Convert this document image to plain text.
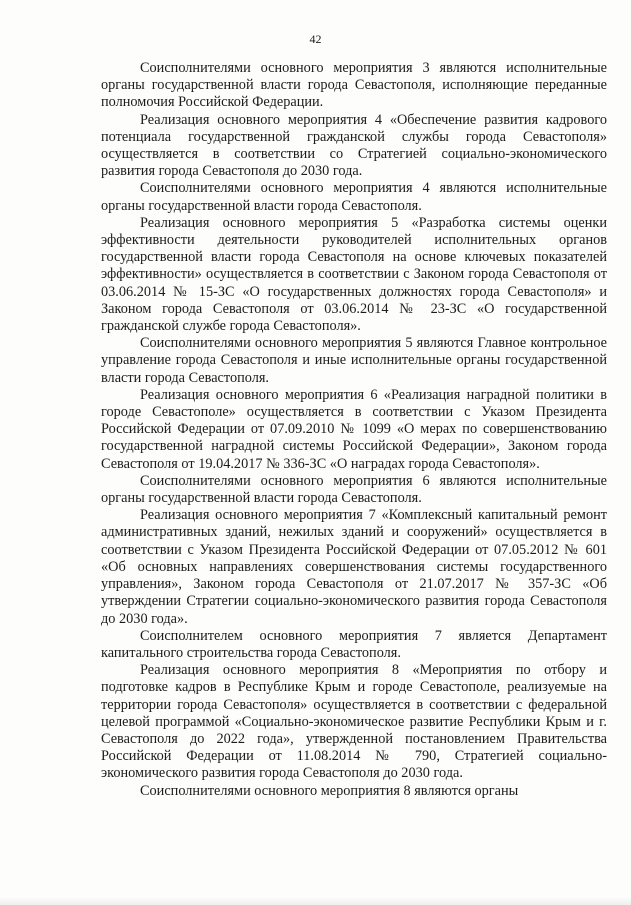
42

Соисполнителями основного мероприятия 3 являются исполнительные органы государственной власти города Севастополя, исполняющие переданные полномочия Российской Федерации.

Реализация основного мероприятия 4 «Обеспечение развития кадрового потенциала государственной гражданской службы города Севастополя» осуществляется в соответствии со Стратегией социально-экономического развития города Севастополя до 2030 года.

Соисполнителями основного мероприятия 4 являются исполнительные органы государственной власти города Севастополя.

Реализация основного мероприятия 5 «Разработка системы оценки эффективности деятельности руководителей исполнительных органов государственной власти города Севастополя на основе ключевых показателей эффективности» осуществляется в соответствии с Законом города Севастополя от 03.06.2014 № 15-ЗС «О государственных должностях города Севастополя» и Законом города Севастополя от 03.06.2014 № 23-ЗС «О государственной гражданской службе города Севастополя».

Соисполнителями основного мероприятия 5 являются Главное контрольное управление города Севастополя и иные исполнительные органы государственной власти города Севастополя.

Реализация основного мероприятия 6 «Реализация наградной политики в городе Севастополе» осуществляется в соответствии с Указом Президента Российской Федерации от 07.09.2010 № 1099 «О мерах по совершенствованию государственной наградной системы Российской Федерации», Законом города Севастополя от 19.04.2017 № 336-ЗС «О наградах города Севастополя».

Соисполнителями основного мероприятия 6 являются исполнительные органы государственной власти города Севастополя.

Реализация основного мероприятия 7 «Комплексный капитальный ремонт административных зданий, нежилых зданий и сооружений» осуществляется в соответствии с Указом Президента Российской Федерации от 07.05.2012 № 601 «Об основных направлениях совершенствования системы государственного управления», Законом города Севастополя от 21.07.2017 № 357-ЗС «Об утверждении Стратегии социально-экономического развития города Севастополя до 2030 года».

Соисполнителем основного мероприятия 7 является Департамент капитального строительства города Севастополя.

Реализация основного мероприятия 8 «Мероприятия по отбору и подготовке кадров в Республике Крым и городе Севастополе, реализуемые на территории города Севастополя» осуществляется в соответствии с федеральной целевой программой «Социально-экономическое развитие Республики Крым и г. Севастополя до 2022 года», утвержденной постановлением Правительства Российской Федерации от 11.08.2014 № 790, Стратегией социально-экономического развития города Севастополя до 2030 года.

Соисполнителями основного мероприятия 8 являются органы
